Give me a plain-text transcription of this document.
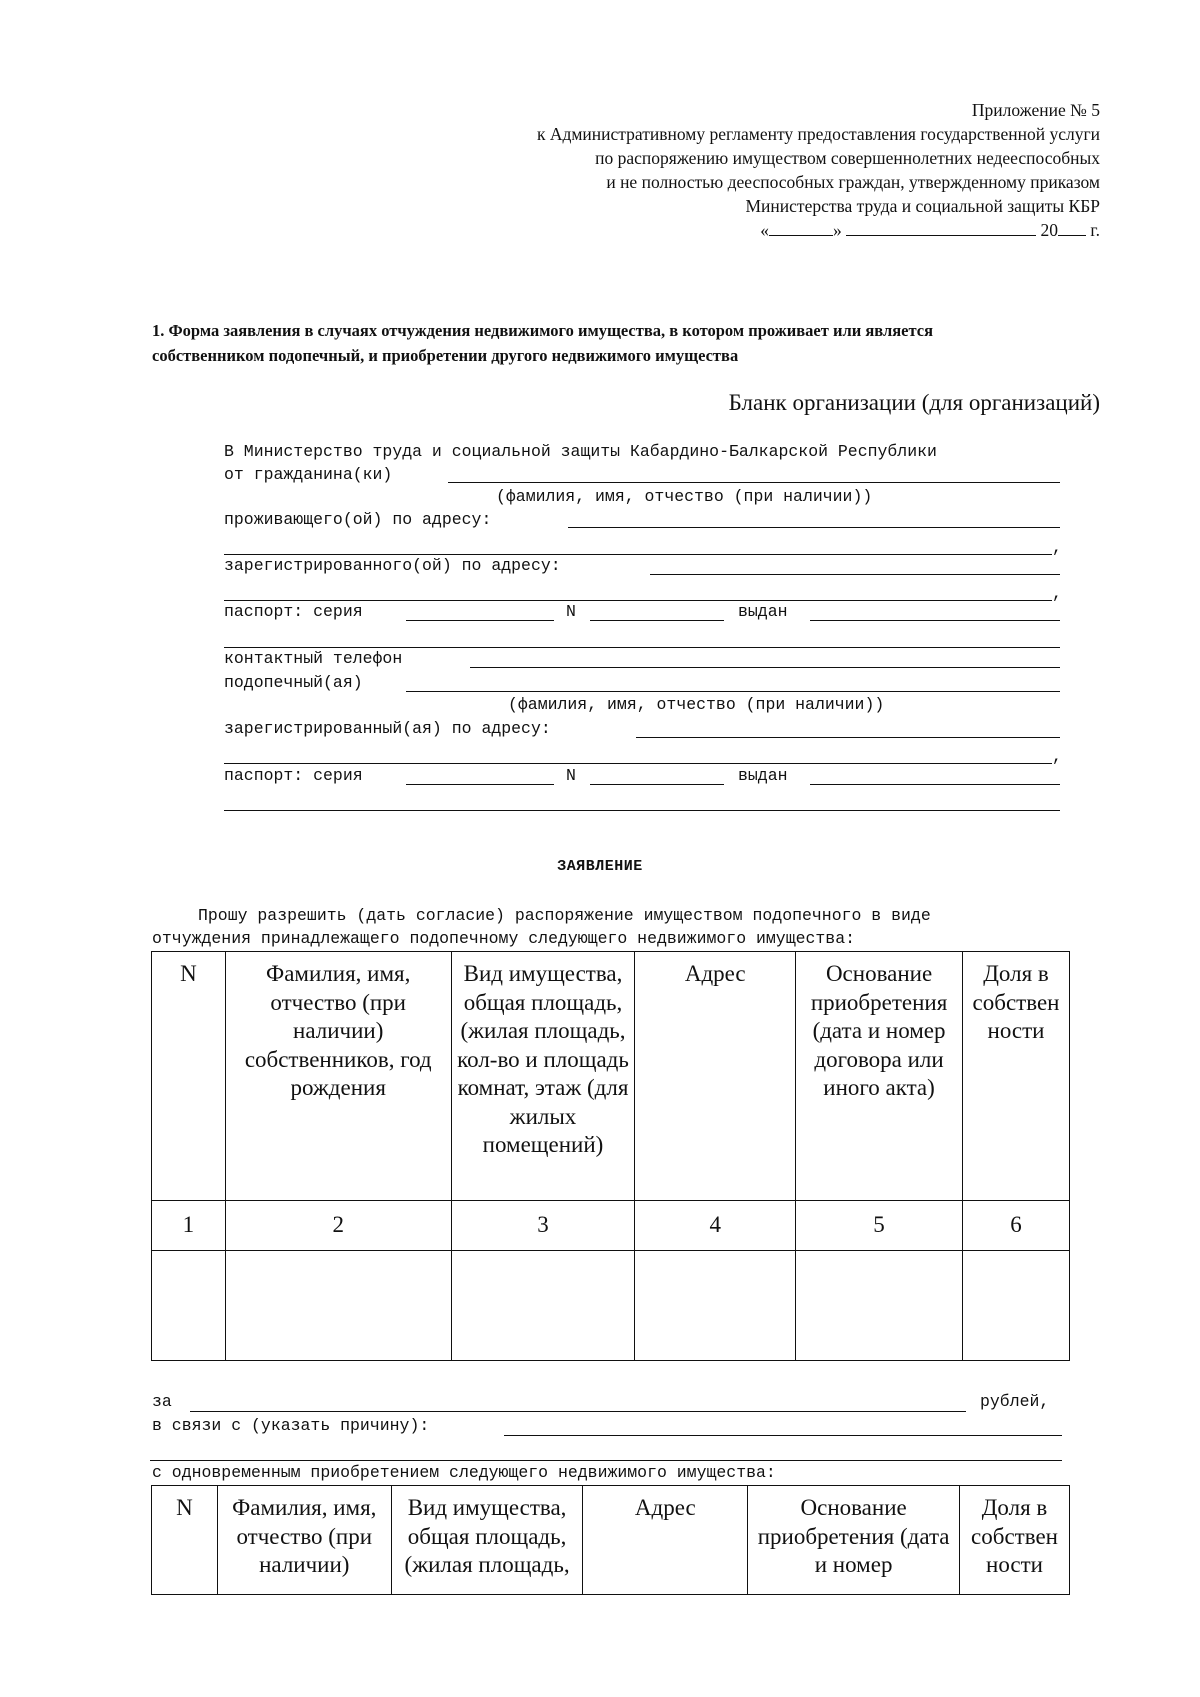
Приложение № 5
к Административному регламенту предоставления государственной услуги
по распоряжению имуществом совершеннолетних недееспособных
и не полностью дееспособных граждан, утвержденному приказом
Министерства труда и социальной защиты КБР
«	»	20 г.
1. Форма заявления в случаях отчуждения недвижимого имущества, в котором проживает или является
собственником подопечный, и приобретении другого недвижимого имущества
Бланк организации (для организаций)
В Министерство труда и социальной защиты Кабардино-Балкарской Республики
от гражданина(ки)
(фамилия, имя, отчество (при наличии))
проживающего(ой) по адресу:
,
зарегистрированного(ой) по адресу:
,
паспорт: серия	N	выдан
контактный телефон
подопечный(ая)
(фамилия, имя, отчество (при наличии))
зарегистрированный(ая) по адресу:
,
паспорт: серия	N	выдан
ЗАЯВЛЕНИЕ
Прошу разрешить (дать согласие) распоряжение имуществом подопечного в виде
отчуждения принадлежащего подопечному следующего недвижимого имущества:
N	Фамилия, имя, отчество (при наличии) собственников, год рождения	Вид имущества, общая площадь, (жилая площадь, кол-во и площадь комнат, этаж (для жилых помещений)	Адрес	Основание приобретения (дата и номер договора или иного акта)	Доля в собствен ности
1	2	3	4	5	6

за	рублей,
в связи с (указать причину):
с одновременным приобретением следующего недвижимого имущества:
N	Фамилия, имя, отчество (при наличии)	Вид имущества, общая площадь, (жилая площадь,	Адрес	Основание приобретения (дата и номер	Доля в собствен ности
